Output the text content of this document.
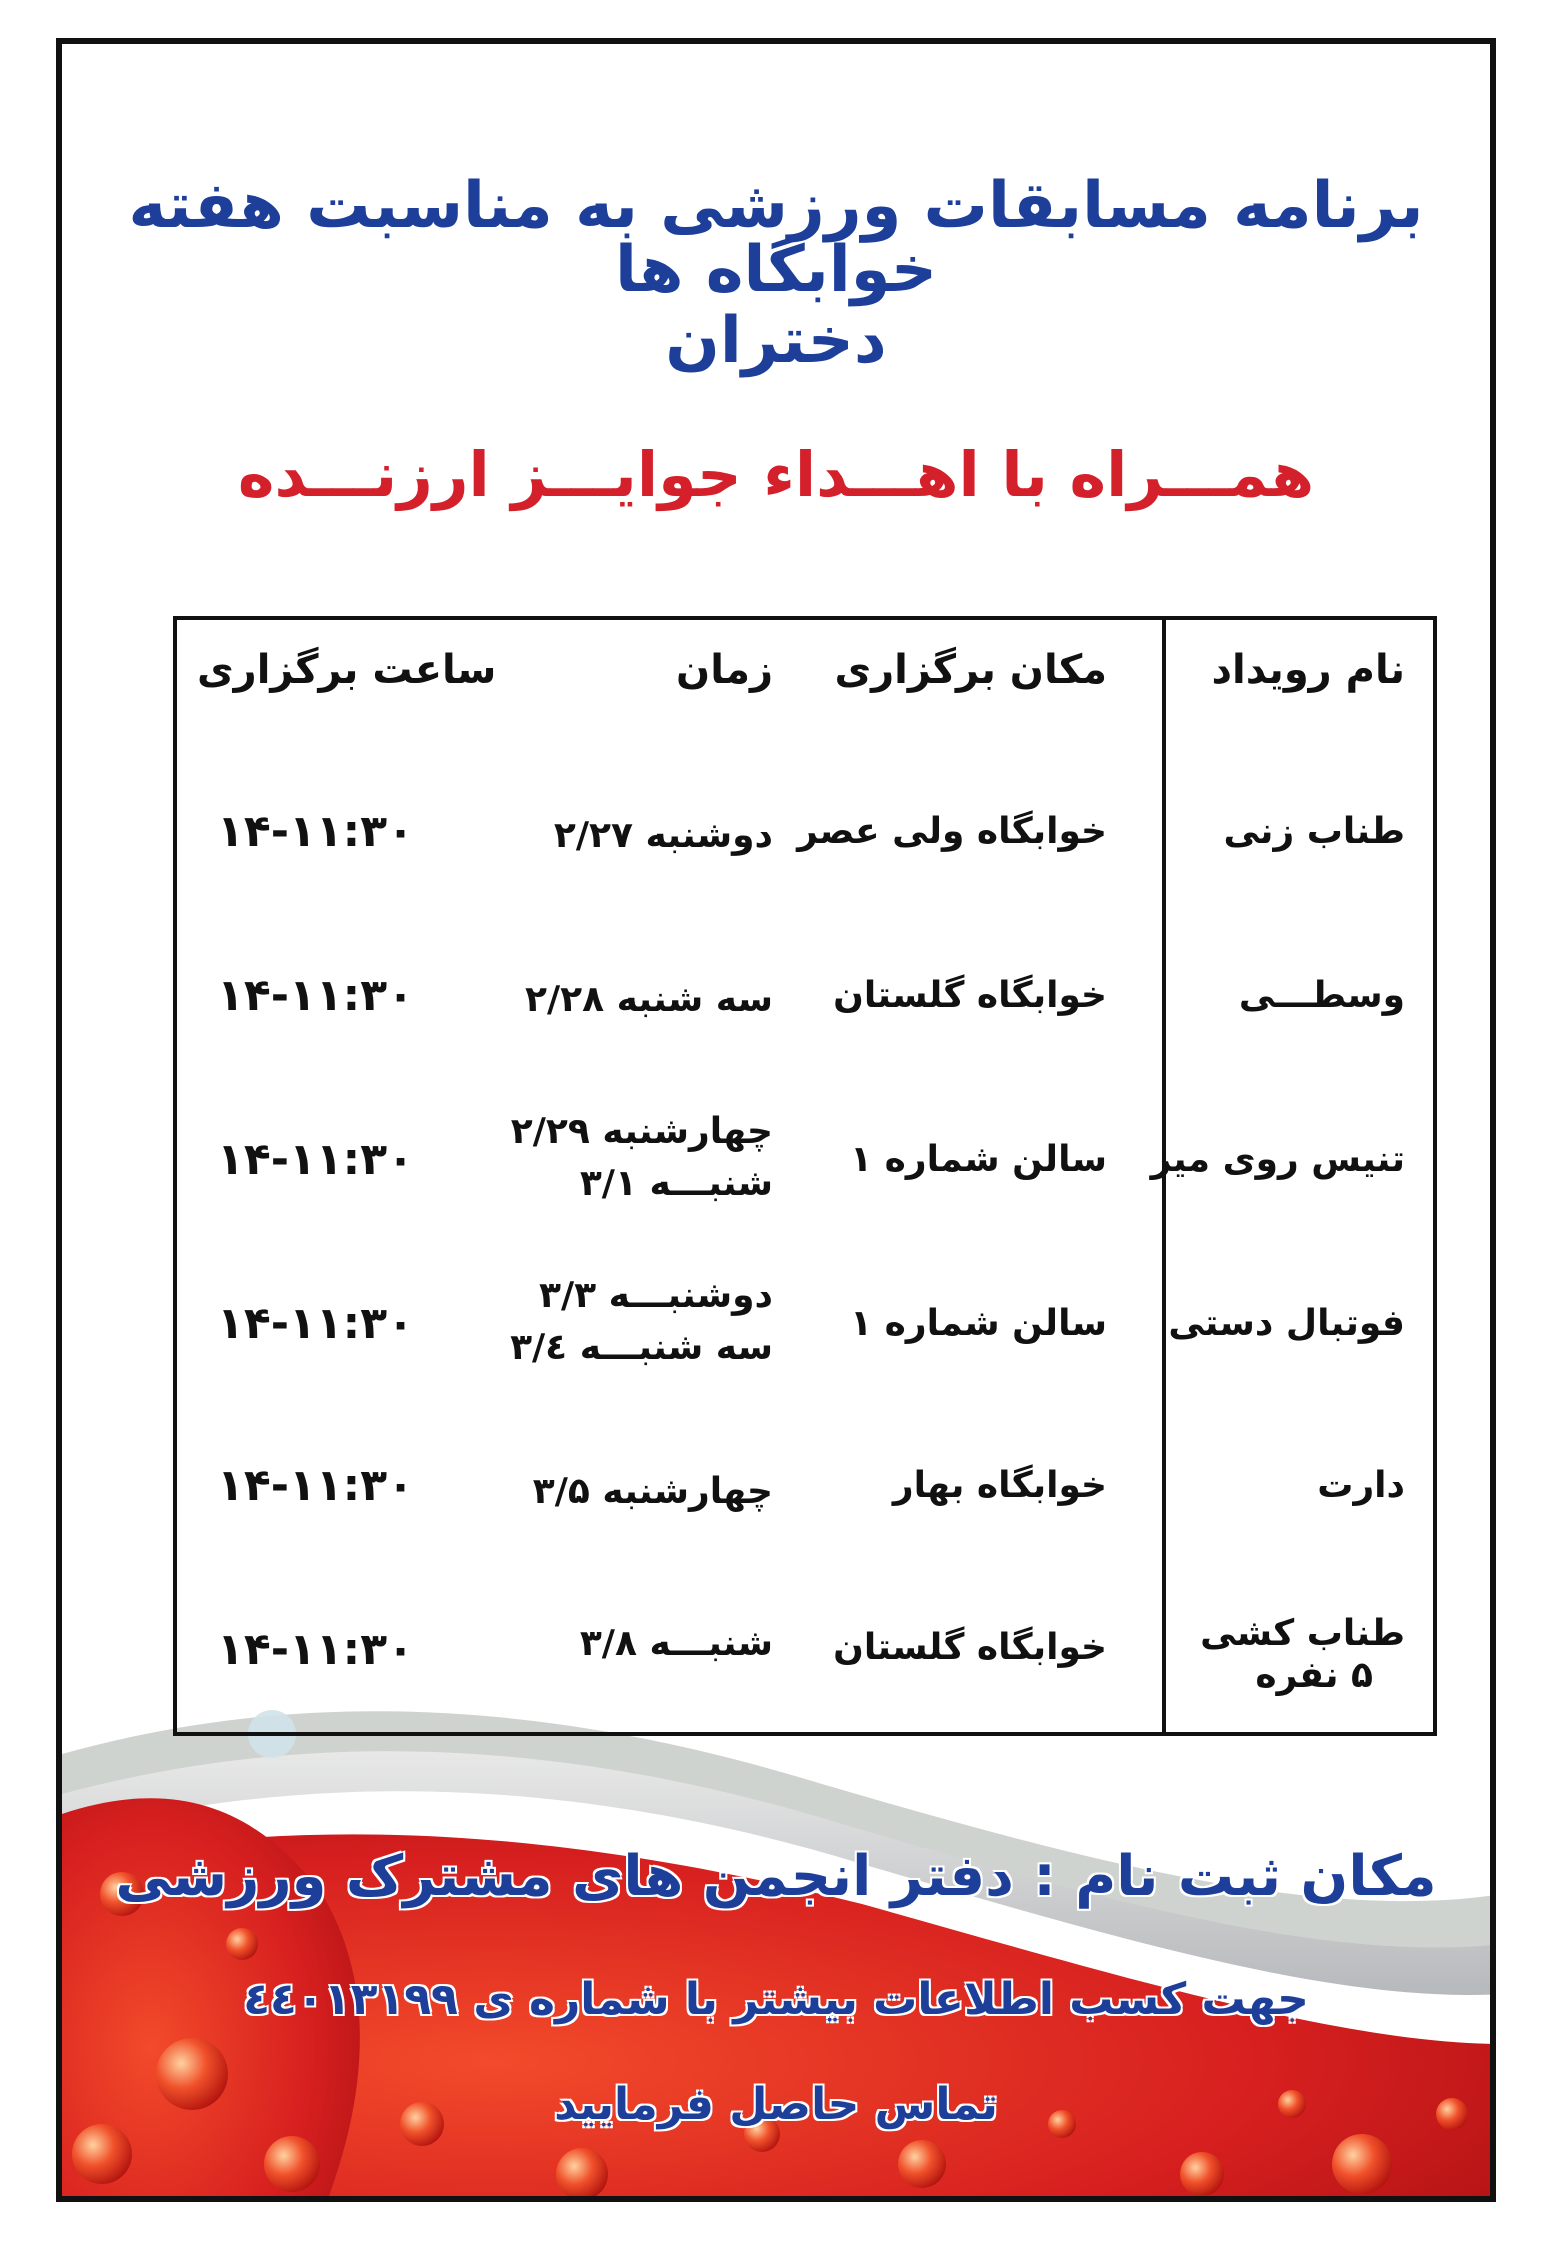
برنامه مسابقات ورزشی به مناسبت هفته خوابگاه ها
دختران
همـــراه با اهـــداء جوایـــز ارزنـــده
نام رویداد
مکان برگزاری
زمان
ساعت برگزاری
طناب زنی
خوابگاه ولی عصر
دوشنبه ۲/۲۷
۱۴-۱۱:۳۰
وسطـــی
خوابگاه گلستان
سه شنبه ۲/۲۸
۱۴-۱۱:۳۰
تنیس روی میز
سالن شماره ۱
چهارشنبه ۲/۲۹
شنبـــه ۳/۱
۱۴-۱۱:۳۰
فوتبال دستی
سالن شماره ۱
دوشنبـــه ۳/۳
سه شنبـــه ۳/٤
۱۴-۱۱:۳۰
دارت
خوابگاه بهار
چهارشنبه ۳/۵
۱۴-۱۱:۳۰
طناب کشی
۵ نفره
خوابگاه گلستان
شنبـــه ۳/۸
۱۴-۱۱:۳۰
مکان ثبت نام : دفتر انجمن های مشترک ورزشی
جهت کسب اطلاعات بیشتر با شماره ی ٤٤٠۱۳۱۹۹
تماس حاصل فرمایید
